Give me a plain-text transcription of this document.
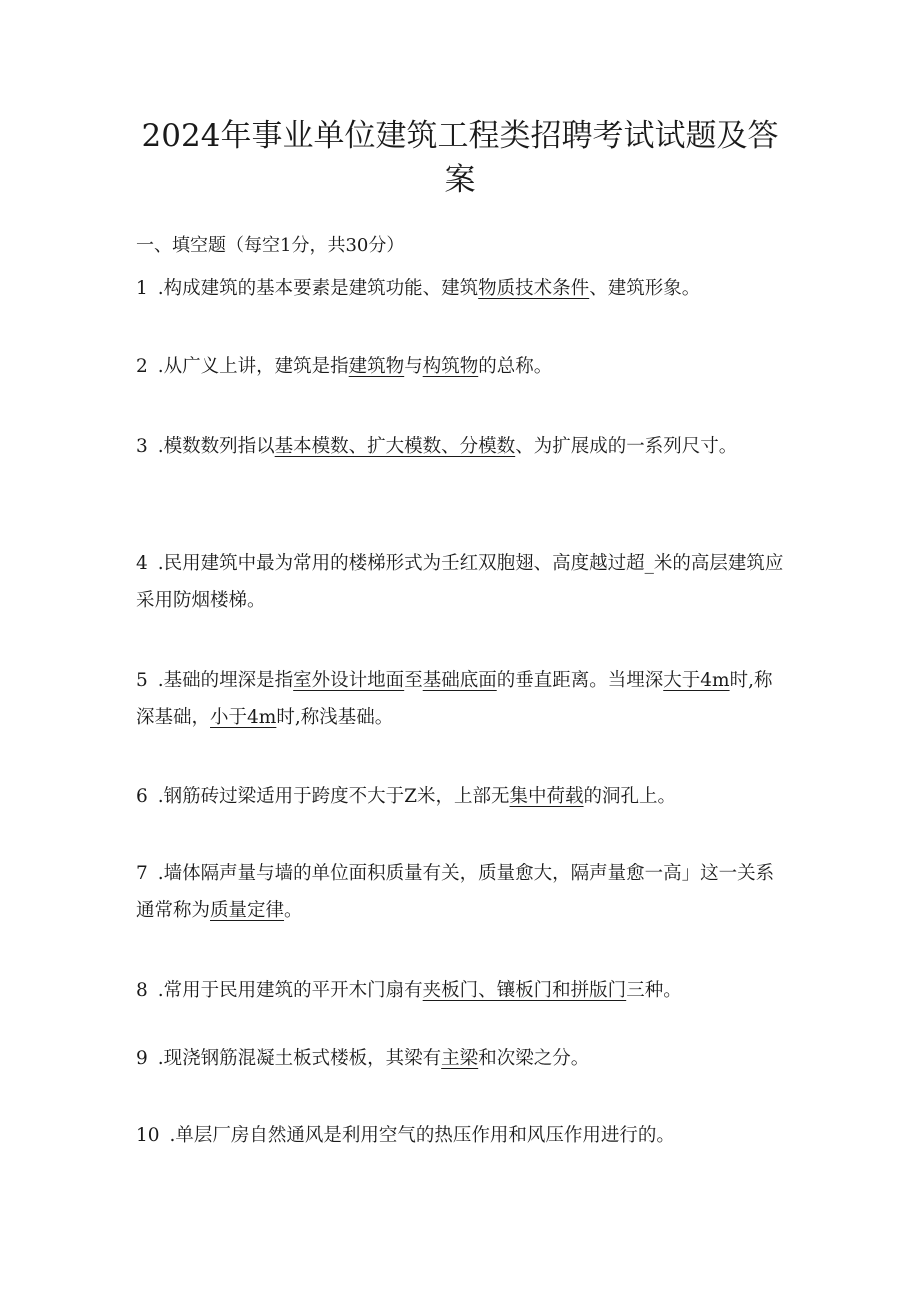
2024年事业单位建筑工程类招聘考试试题及答案
一、填空题（每空1分，共30分）
1 .构成建筑的基本要素是建筑功能、建筑物质技术条件、建筑形象。
2 .从广义上讲，建筑是指建筑物与构筑物的总称。
3 .模数数列指以基本模数、扩大模数、分模数、为扩展成的一系列尺寸。
4 .民用建筑中最为常用的楼梯形式为壬红双胞翅、高度越过超_米的高层建筑应采用防烟楼梯。
5 .基础的埋深是指室外设计地面至基础底面的垂直距离。当埋深大于4m时,称深基础，小于4m时,称浅基础。
6 .钢筋砖过梁适用于跨度不大于Z米，上部无集中荷载的洞孔上。
7 .墙体隔声量与墙的单位面积质量有关，质量愈大，隔声量愈一高」这一关系通常称为质量定律。
8 .常用于民用建筑的平开木门扇有夹板门、镶板门和拼版门三种。
9 .现浇钢筋混凝土板式楼板，其梁有主梁和次梁之分。
10 .单层厂房自然通风是利用空气的热压作用和风压作用进行的。
